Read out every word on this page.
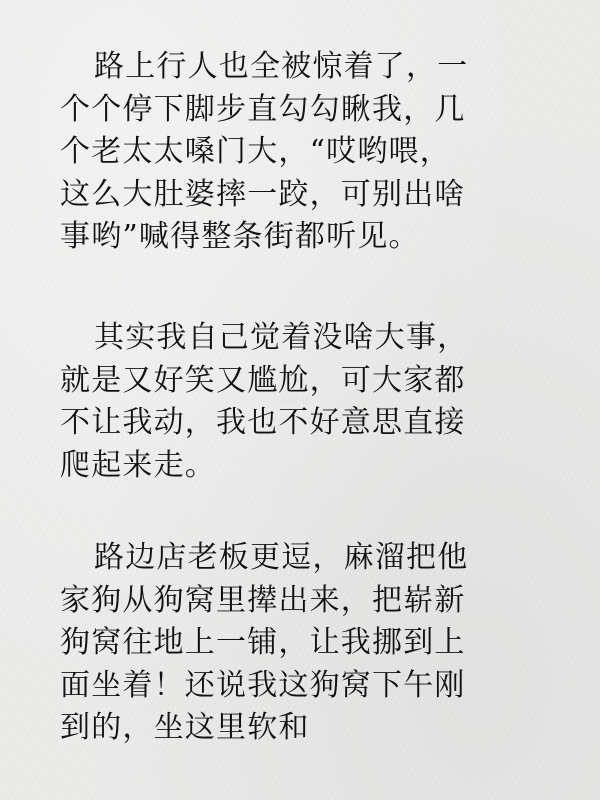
路上行人也全被惊着了，一
个个停下脚步直勾勾瞅我，几
个老太太嗓门大，“哎哟喂，
这么大肚婆摔一跤，可别出啥
事哟”喊得整条街都听见。

其实我自己觉着没啥大事，
就是又好笑又尴尬，可大家都
不让我动，我也不好意思直接
爬起来走。

路边店老板更逗，麻溜把他
家狗从狗窝里撵出来，把崭新
狗窝往地上一铺，让我挪到上
面坐着！还说我这狗窝下午刚
到的，坐这里软和

小红书
